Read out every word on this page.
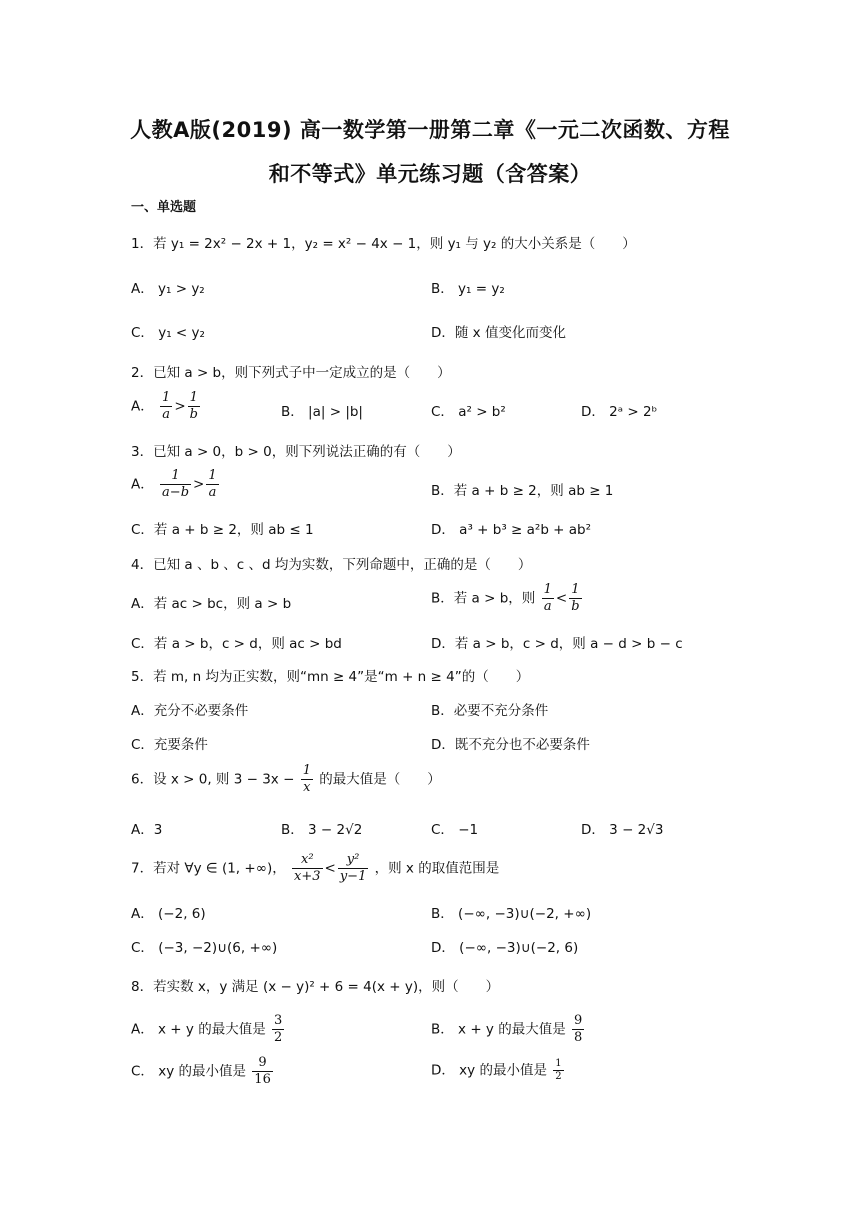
人教A版(2019) 高一数学第一册第二章《一元二次函数、方程
和不等式》单元练习题（含答案）
一、单选题
1．若 y₁ = 2x² − 2x + 1，y₂ = x² − 4x − 1，则 y₁ 与 y₂ 的大小关系是（　　）
A． y₁ > y₂	B． y₁ = y₂
C． y₁ < y₂	D．随 x 值变化而变化
2．已知 a > b，则下列式子中一定成立的是（　　）
A． $\frac{1}{a} > \frac{1}{b}$	B． |a| > |b|	C． a² > b²	D． 2ᵃ > 2ᵇ
3．已知 a > 0，b > 0，则下列说法正确的有（　　）
A． $\frac{1}{a-b} > \frac{1}{a}$	B．若 a + b ≥ 2，则 ab ≥ 1
C．若 a + b ≥ 2，则 ab ≤ 1	D． a³ + b³ ≥ a²b + ab²
4．已知 a 、b 、c 、d 均为实数，下列命题中，正确的是（　　）
A．若 ac > bc，则 a > b	B．若 a > b，则 $\frac{1}{a} < \frac{1}{b}$
C．若 a > b，c > d，则 ac > bd	D．若 a > b，c > d，则 a − d > b − c
5．若 m, n 均为正实数，则“mn ≥ 4”是“m + n ≥ 4”的（　　）
A．充分不必要条件	B．必要不充分条件
C．充要条件	D．既不充分也不必要条件
6．设 x > 0, 则 $3 - 3x - \frac{1}{x}$ 的最大值是（　　）
A．3	B． 3 − 2√2	C． −1	D． 3 − 2√3
7．若对 ∀y ∈ (1, +∞)， $\frac{\text{x²}}{x+3} < \frac{\text{y²}}{y-1}$ ，则 x 的取值范围是
A． (−2, 6)	B． (−∞, −3)∪(−2, +∞)
C． (−3, −2)∪(6, +∞)	D． (−∞, −3)∪(−2, 6)
8．若实数 x，y 满足 (x − y)² + 6 = 4(x + y)，则（　　）
A． x + y 的最大值是 $\frac{3}{2}$	B． x + y 的最大值是 $\frac{9}{8}$
C． xy 的最小值是 $\frac{9}{16}$	D． xy 的最小值是 $\frac{1}{2}$
